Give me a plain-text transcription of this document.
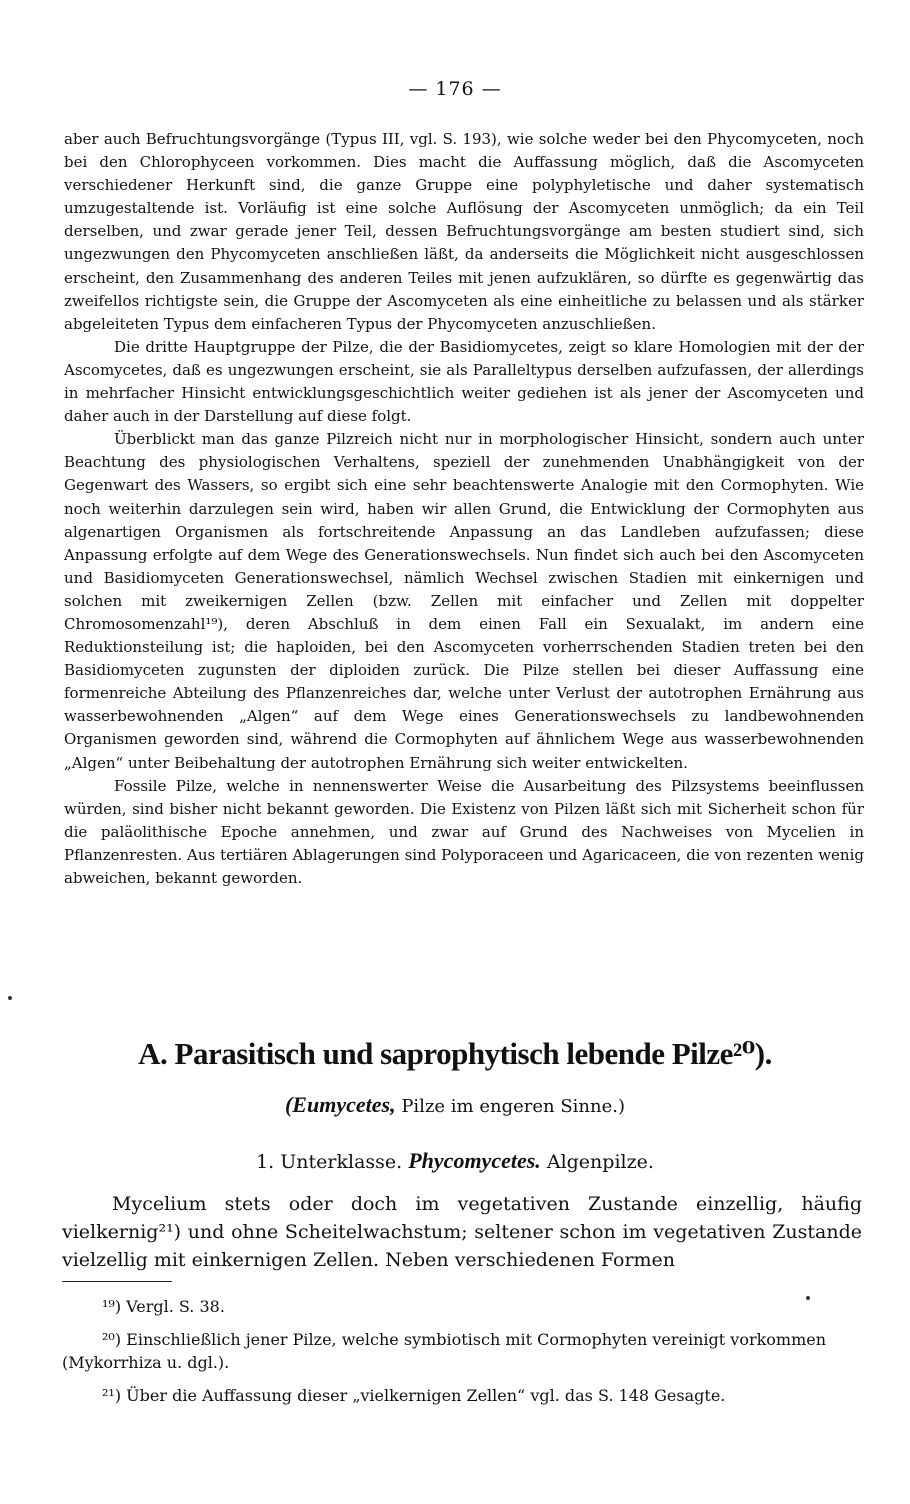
— 176 —

aber auch Befruchtungsvorgänge (Typus III, vgl. S. 193), wie solche weder bei den Phycomyceten, noch bei den Chlorophyceen vorkommen. Dies macht die Auffassung möglich, daß die Ascomyceten verschiedener Herkunft sind, die ganze Gruppe eine polyphyletische und daher systematisch umzugestaltende ist. Vorläufig ist eine solche Auflösung der Ascomyceten unmöglich; da ein Teil derselben, und zwar gerade jener Teil, dessen Befruchtungsvorgänge am besten studiert sind, sich ungezwungen den Phycomyceten anschließen läßt, da anderseits die Möglichkeit nicht ausgeschlossen erscheint, den Zusammenhang des anderen Teiles mit jenen aufzuklären, so dürfte es gegenwärtig das zweifellos richtigste sein, die Gruppe der Ascomyceten als eine einheitliche zu belassen und als stärker abgeleiteten Typus dem einfacheren Typus der Phycomyceten anzuschließen.

Die dritte Hauptgruppe der Pilze, die der Basidiomycetes, zeigt so klare Homologien mit der der Ascomycetes, daß es ungezwungen erscheint, sie als Paralleltypus derselben aufzufassen, der allerdings in mehrfacher Hinsicht entwicklungsgeschichtlich weiter gediehen ist als jener der Ascomyceten und daher auch in der Darstellung auf diese folgt.

Überblickt man das ganze Pilzreich nicht nur in morphologischer Hinsicht, sondern auch unter Beachtung des physiologischen Verhaltens, speziell der zunehmenden Unabhängigkeit von der Gegenwart des Wassers, so ergibt sich eine sehr beachtenswerte Analogie mit den Cormophyten. Wie noch weiterhin darzulegen sein wird, haben wir allen Grund, die Entwicklung der Cormophyten aus algenartigen Organismen als fortschreitende Anpassung an das Landleben aufzufassen; diese Anpassung erfolgte auf dem Wege des Generationswechsels. Nun findet sich auch bei den Ascomyceten und Basidiomyceten Generationswechsel, nämlich Wechsel zwischen Stadien mit einkernigen und solchen mit zweikernigen Zellen (bzw. Zellen mit einfacher und Zellen mit doppelter Chromosomenzahl¹⁹), deren Abschluß in dem einen Fall ein Sexualakt, im andern eine Reduktionsteilung ist; die haploiden, bei den Ascomyceten vorherrschenden Stadien treten bei den Basidiomyceten zugunsten der diploiden zurück. Die Pilze stellen bei dieser Auffassung eine formenreiche Abteilung des Pflanzenreiches dar, welche unter Verlust der autotrophen Ernährung aus wasserbewohnenden „Algen“ auf dem Wege eines Generationswechsels zu landbewohnenden Organismen geworden sind, während die Cormophyten auf ähnlichem Wege aus wasserbewohnenden „Algen“ unter Beibehaltung der autotrophen Ernährung sich weiter entwickelten.

Fossile Pilze, welche in nennenswerter Weise die Ausarbeitung des Pilzsystems beeinflussen würden, sind bisher nicht bekannt geworden. Die Existenz von Pilzen läßt sich mit Sicherheit schon für die paläolithische Epoche annehmen, und zwar auf Grund des Nachweises von Mycelien in Pflanzenresten. Aus tertiären Ablagerungen sind Polyporaceen und Agaricaceen, die von rezenten wenig abweichen, bekannt geworden.

A. Parasitisch und saprophytisch lebende Pilze²⁰).
(Eumycetes, Pilze im engeren Sinne.)
1. Unterklasse. Phycomycetes. Algenpilze.

Mycelium stets oder doch im vegetativen Zustande einzellig, häufig vielkernig²¹) und ohne Scheitelwachstum; seltener schon im vegetativen Zustande vielzellig mit einkernigen Zellen. Neben verschiedenen Formen

¹⁹) Vergl. S. 38.

²⁰) Einschließlich jener Pilze, welche symbiotisch mit Cormophyten vereinigt vorkommen (Mykorrhiza u. dgl.).

²¹) Über die Auffassung dieser „vielkernigen Zellen“ vgl. das S. 148 Gesagte.
